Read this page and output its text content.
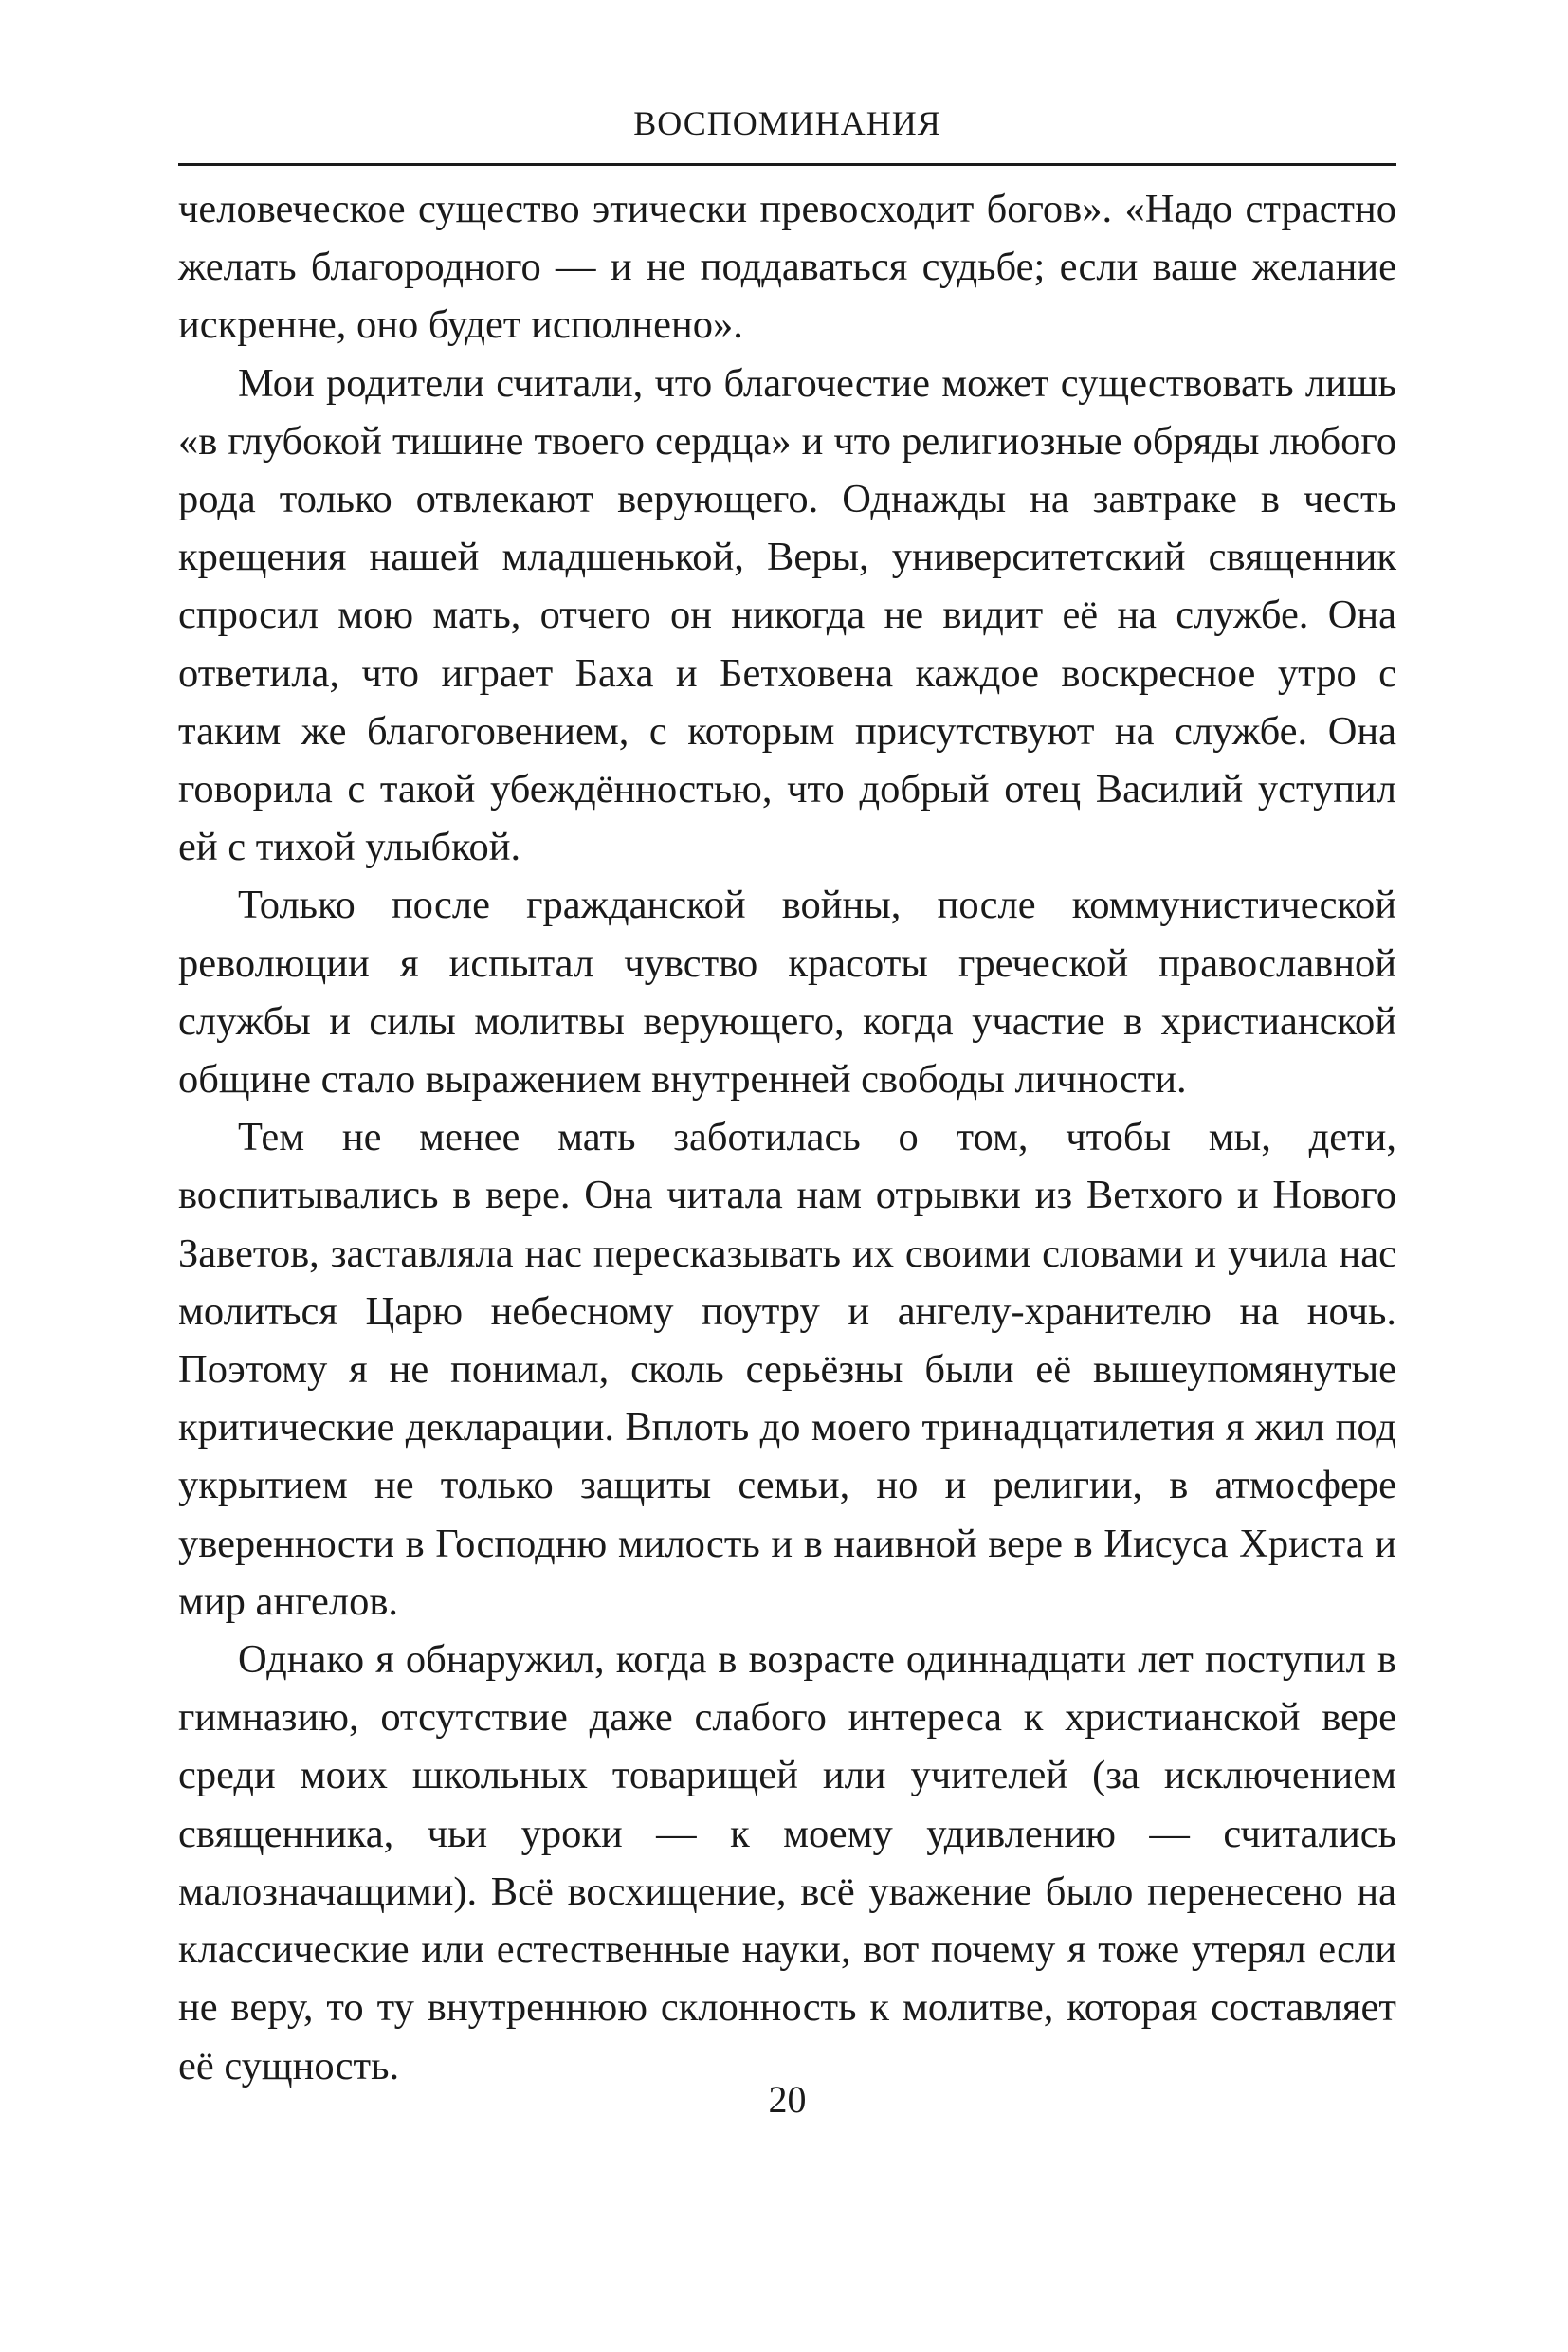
ВОСПОМИНАНИЯ

человеческое существо этически превосходит богов». «Надо страстно желать благородного — и не поддаваться судьбе; если ваше желание искренне, оно будет исполнено».

Мои родители считали, что благочестие может существовать лишь «в глубокой тишине твоего сердца» и что религиозные обряды любого рода только отвлекают верующего. Однажды на завтраке в честь крещения нашей младшенькой, Веры, университетский священник спросил мою мать, отчего он никогда не видит её на службе. Она ответила, что играет Баха и Бетховена каждое воскресное утро с таким же благоговением, с которым присутствуют на службе. Она говорила с такой убеждённостью, что добрый отец Василий уступил ей с тихой улыбкой.

Только после гражданской войны, после коммунистической революции я испытал чувство красоты греческой православной службы и силы молитвы верующего, когда участие в христианской общине стало выражением внутренней свободы личности.

Тем не менее мать заботилась о том, чтобы мы, дети, воспитывались в вере. Она читала нам отрывки из Ветхого и Нового Заветов, заставляла нас пересказывать их своими словами и учила нас молиться Царю небесному поутру и ангелу-хранителю на ночь. Поэтому я не понимал, сколь серьёзны были её вышеупомянутые критические декларации. Вплоть до моего тринадцатилетия я жил под укрытием не только защиты семьи, но и религии, в атмосфере уверенности в Господню милость и в наивной вере в Иисуса Христа и мир ангелов.

Однако я обнаружил, когда в возрасте одиннадцати лет поступил в гимназию, отсутствие даже слабого интереса к христианской вере среди моих школьных товарищей или учителей (за исключением священника, чьи уроки — к моему удивлению — считались малозначащими). Всё восхищение, всё уважение было перенесено на классические или естественные науки, вот почему я тоже утерял если не веру, то ту внутреннюю склонность к молитве, которая составляет её сущность.

20
